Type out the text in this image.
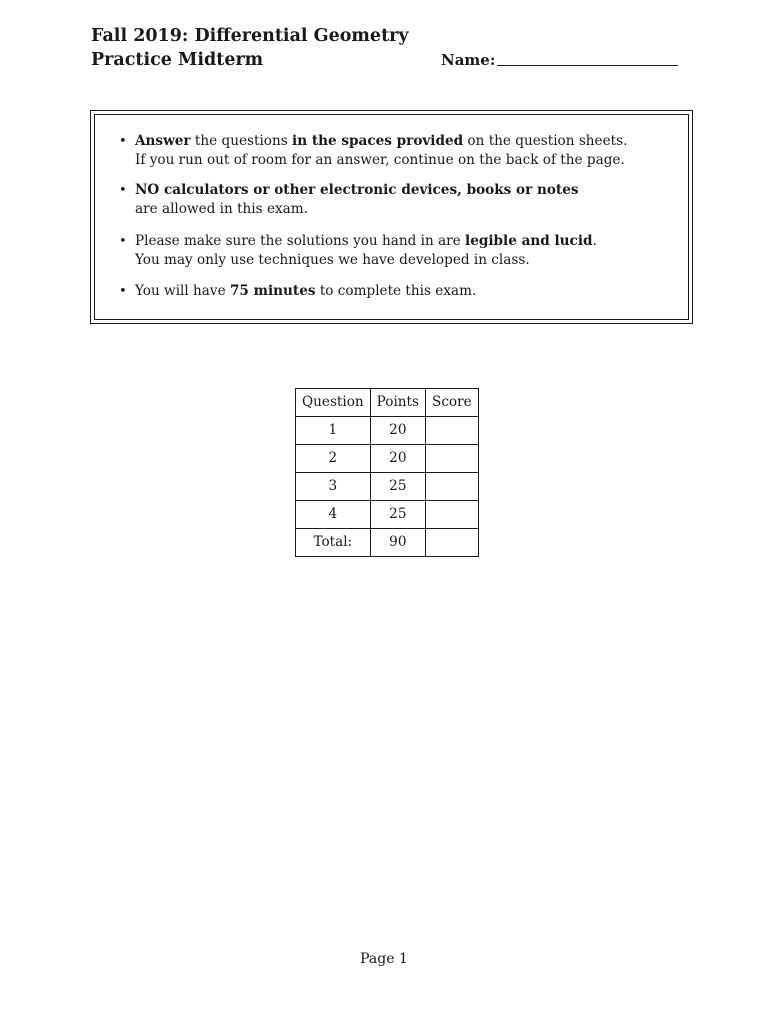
Fall 2019: Differential Geometry
Practice Midterm	Name:
• Answer the questions in the spaces provided on the question sheets.
If you run out of room for an answer, continue on the back of the page.
• NO calculators or other electronic devices, books or notes
are allowed in this exam.
• Please make sure the solutions you hand in are legible and lucid.
You may only use techniques we have developed in class.
• You will have 75 minutes to complete this exam.
Question	Points	Score
1	20	
2	20	
3	25	
4	25	
Total:	90	
Page 1
